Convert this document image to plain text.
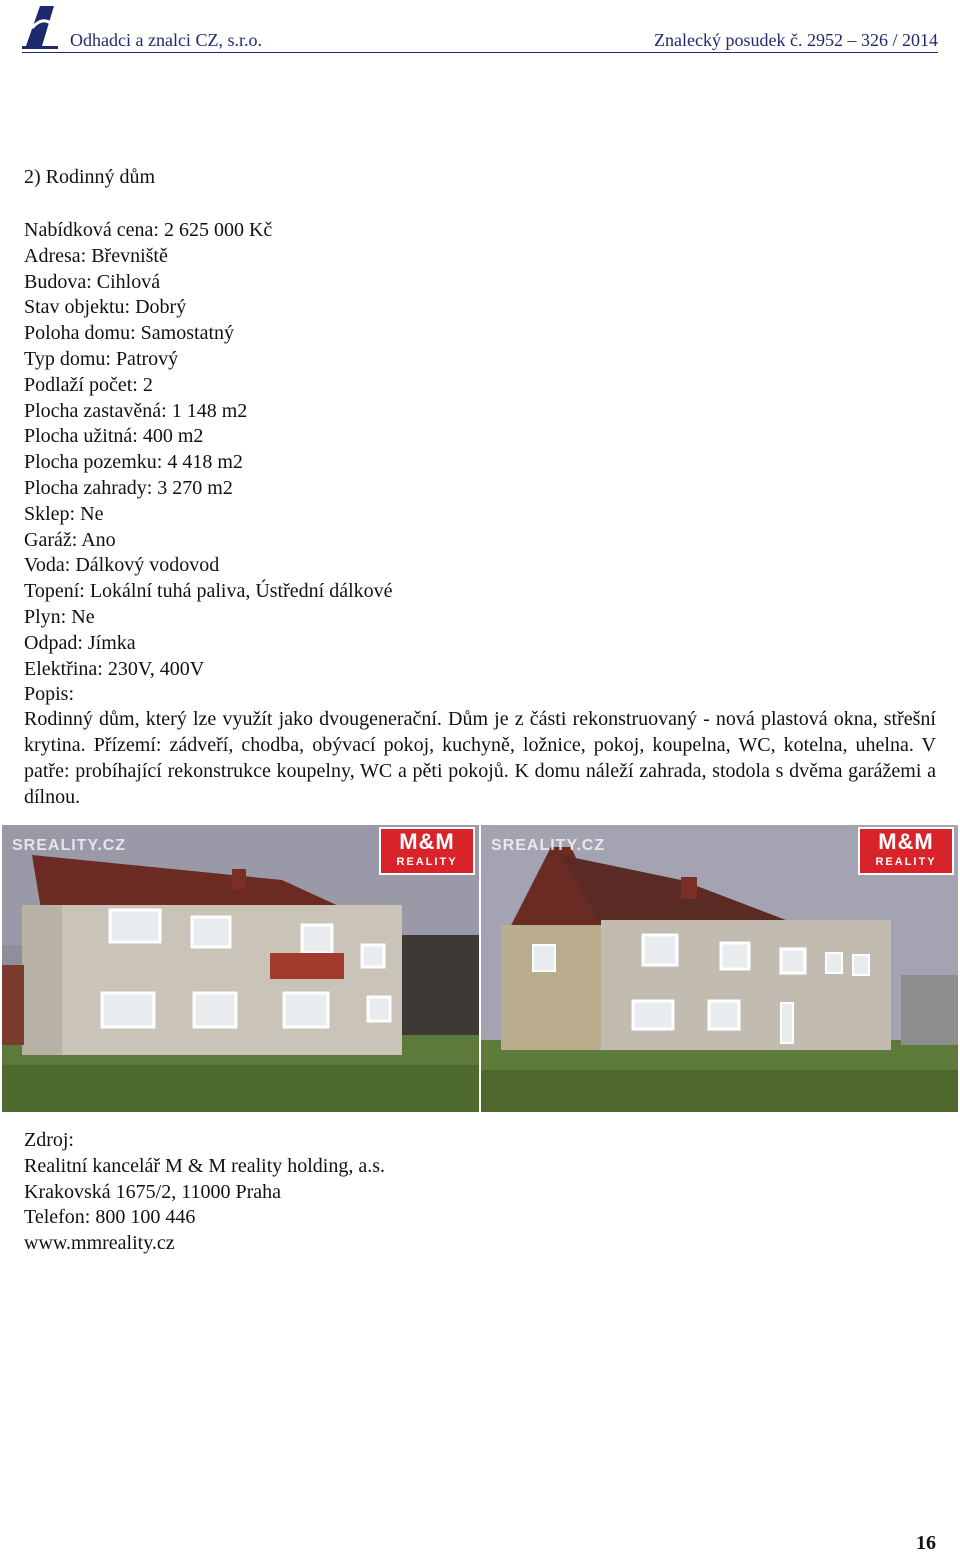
Odhadci a znalci CZ, s.r.o.	Znalecký posudek č. 2952 – 326 / 2014
2) Rodinný dům
Nabídková cena: 2 625 000 Kč
Adresa: Břevniště
Budova: Cihlová
Stav objektu: Dobrý
Poloha domu: Samostatný
Typ domu: Patrový
Podlaží počet: 2
Plocha zastavěná: 1 148 m2
Plocha užitná: 400 m2
Plocha pozemku: 4 418 m2
Plocha zahrady: 3 270 m2
Sklep: Ne
Garáž: Ano
Voda: Dálkový vodovod
Topení: Lokální tuhá paliva, Ústřední dálkové
Plyn: Ne
Odpad: Jímka
Elektřina: 230V, 400V
Popis:

Rodinný dům, který lze využít jako dvougenerační. Dům je z části rekonstruovaný - nová plastová okna, střešní krytina. Přízemí: zádveří, chodba, obývací pokoj, kuchyně, ložnice, pokoj, koupelna, WC, kotelna, uhelna. V patře: probíhající rekonstrukce koupelny, WC a pěti pokojů. K domu náleží zahrada, stodola s dvěma garážemi a dílnou.

SREALITY.CZ	M&M
REALITY
SREALITY.CZ	M&M
REALITY
Zdroj:
Realitní kancelář M & M reality holding, a.s.
Krakovská 1675/2, 11000 Praha
Telefon: 800 100 446
www.mmreality.cz
16
